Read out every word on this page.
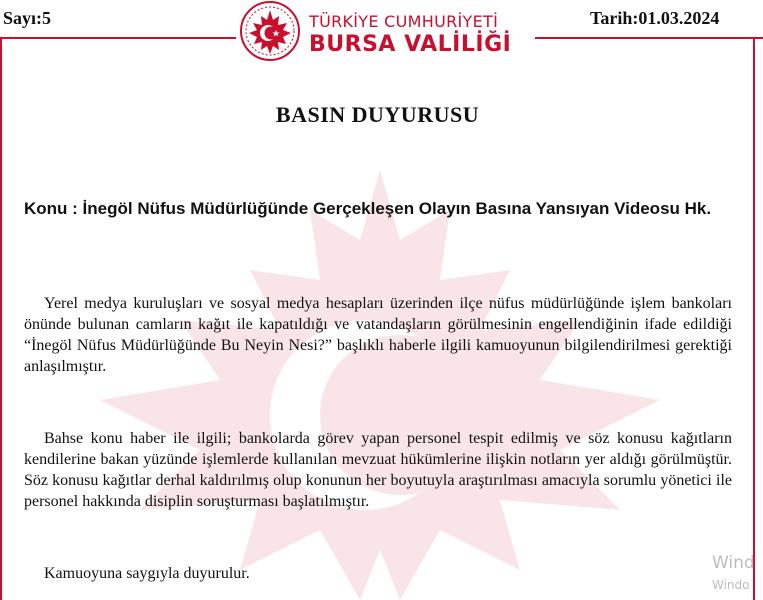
Sayı:5	Tarih:01.03.2024
TÜRKİYE CUMHURİYETİ
BURSA VALİLİĞİ
BASIN DUYURUSU
Konu : İnegöl Nüfus Müdürlüğünde Gerçekleşen Olayın Basına Yansıyan Videosu Hk.
Yerel medya kuruluşları ve sosyal medya hesapları üzerinden ilçe nüfus müdürlüğünde işlem bankoları önünde bulunan camların kağıt ile kapatıldığı ve vatandaşların görülmesinin engellendiğinin ifade edildiği “İnegöl Nüfus Müdürlüğünde Bu Neyin Nesi?” başlıklı haberle ilgili kamuoyunun bilgilendirilmesi gerektiği anlaşılmıştır.
Bahse konu haber ile ilgili; bankolarda görev yapan personel tespit edilmiş ve söz konusu kağıtların kendilerine bakan yüzünde işlemlerde kullanılan mevzuat hükümlerine ilişkin notların yer aldığı görülmüştür. Söz konusu kağıtlar derhal kaldırılmış olup konunun her boyutuyla araştırılması amacıyla sorumlu yönetici ile personel hakkında disiplin soruşturması başlatılmıştır.
Kamuoyuna saygıyla duyurulur.
Wind
Windo
